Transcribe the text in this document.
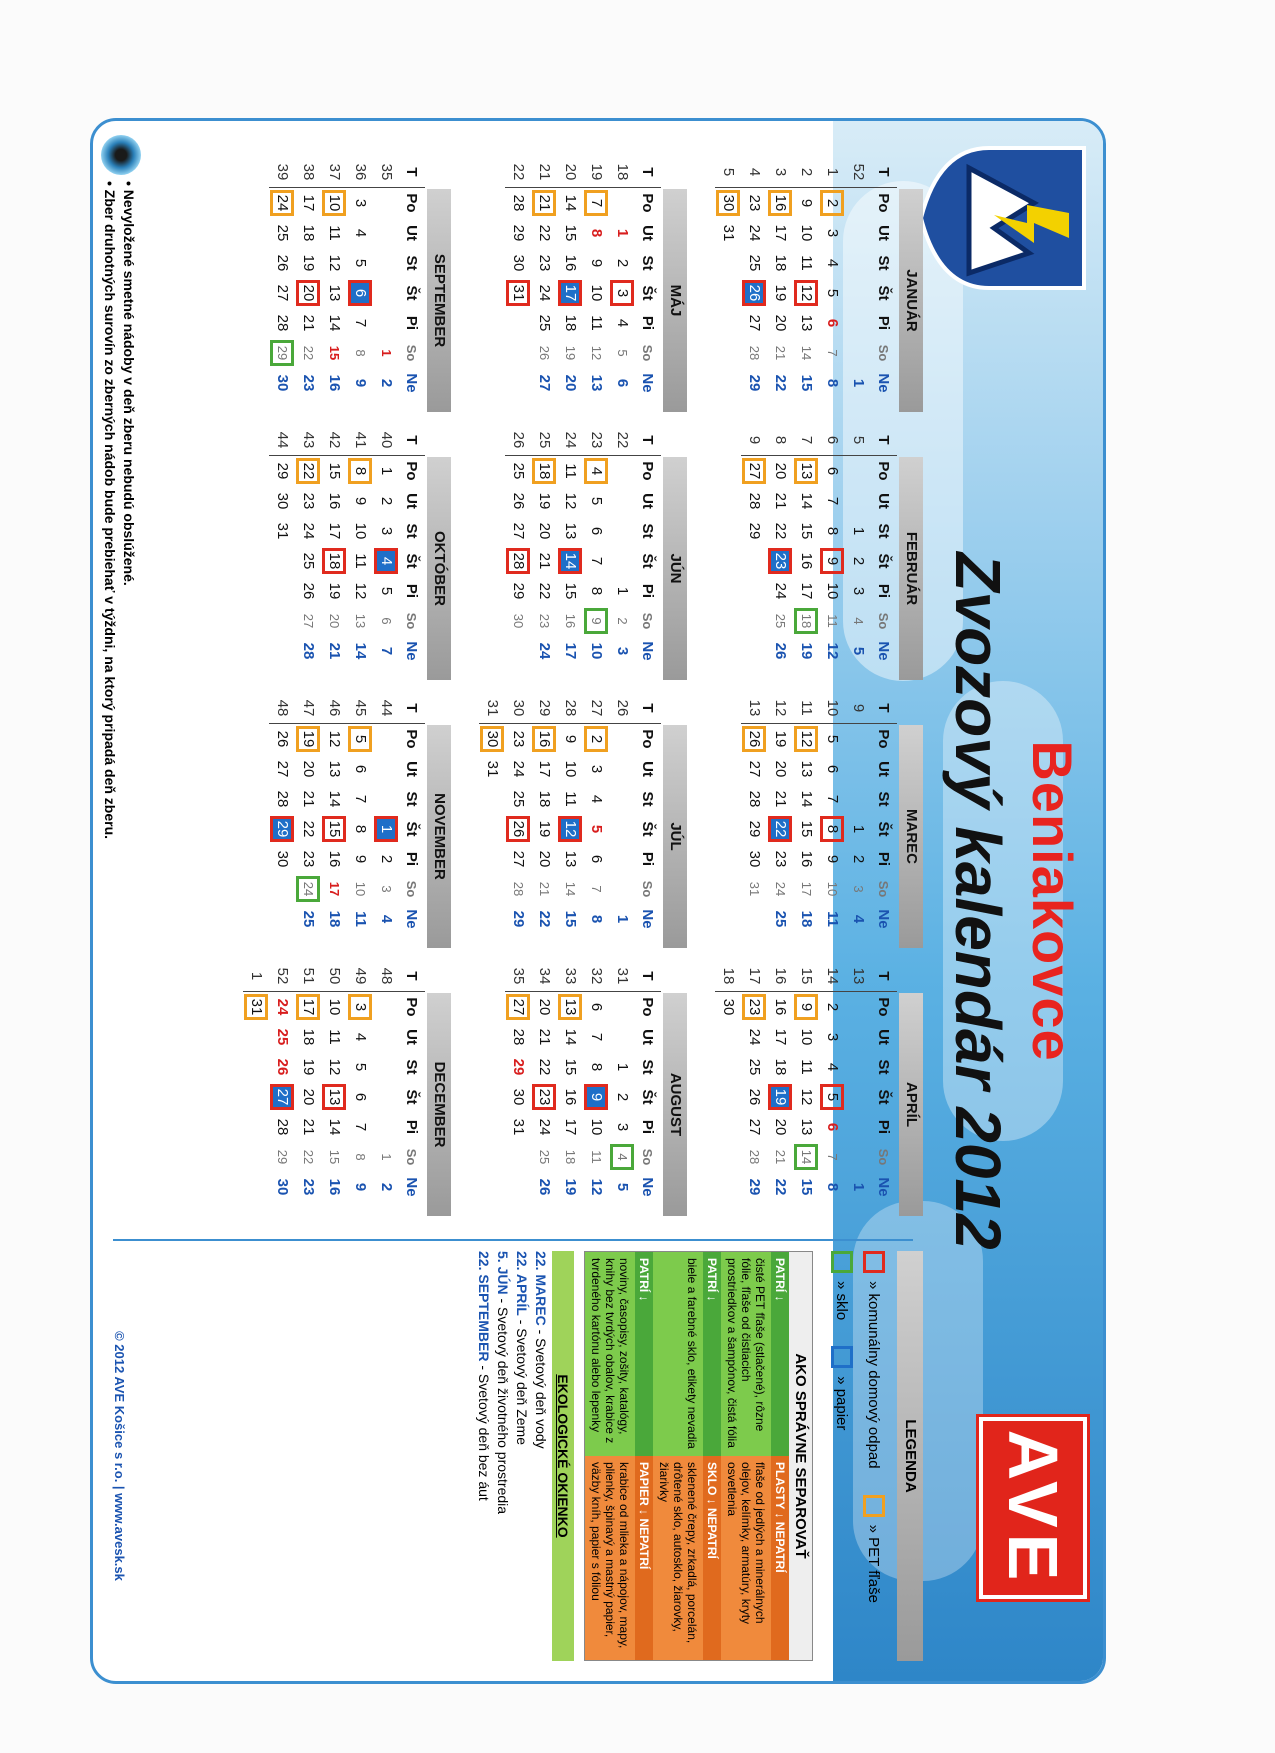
Beniakovce
Zvozový kalendár 2012
AVE
JANUÁR
T	Po	Ut	St	Št	Pi	So	Ne
52							1
1	2	3	4	5	6	7	8
2	9	10	11	12	13	14	15
3	16	17	18	19	20	21	22
4	23	24	25	26	27	28	29
5	30	31					
FEBRUÁR
T	Po	Ut	St	Št	Pi	So	Ne
5			1	2	3	4	5
6	6	7	8	9	10	11	12
7	13	14	15	16	17	18	19
8	20	21	22	23	24	25	26
9	27	28	29				
MAREC
T	Po	Ut	St	Št	Pi	So	Ne
9				1	2	3	4
10	5	6	7	8	9	10	11
11	12	13	14	15	16	17	18
12	19	20	21	22	23	24	25
13	26	27	28	29	30	31	
APRÍL
T	Po	Ut	St	Št	Pi	So	Ne
13							1
14	2	3	4	5	6	7	8
15	9	10	11	12	13	14	15
16	16	17	18	19	20	21	22
17	23	24	25	26	27	28	29
18	30						
MÁJ
T	Po	Ut	St	Št	Pi	So	Ne
18		1	2	3	4	5	6
19	7	8	9	10	11	12	13
20	14	15	16	17	18	19	20
21	21	22	23	24	25	26	27
22	28	29	30	31			
JÚN
T	Po	Ut	St	Št	Pi	So	Ne
22					1	2	3
23	4	5	6	7	8	9	10
24	11	12	13	14	15	16	17
25	18	19	20	21	22	23	24
26	25	26	27	28	29	30	
JÚL
T	Po	Ut	St	Št	Pi	So	Ne
26							1
27	2	3	4	5	6	7	8
28	9	10	11	12	13	14	15
29	16	17	18	19	20	21	22
30	23	24	25	26	27	28	29
31	30	31					
AUGUST
T	Po	Ut	St	Št	Pi	So	Ne
31			1	2	3	4	5
32	6	7	8	9	10	11	12
33	13	14	15	16	17	18	19
34	20	21	22	23	24	25	26
35	27	28	29	30	31		
SEPTEMBER
T	Po	Ut	St	Št	Pi	So	Ne
35						1	2
36	3	4	5	6	7	8	9
37	10	11	12	13	14	15	16
38	17	18	19	20	21	22	23
39	24	25	26	27	28	29	30
OKTÓBER
T	Po	Ut	St	Št	Pi	So	Ne
40	1	2	3	4	5	6	7
41	8	9	10	11	12	13	14
42	15	16	17	18	19	20	21
43	22	23	24	25	26	27	28
44	29	30	31				
NOVEMBER
T	Po	Ut	St	Št	Pi	So	Ne
44				1	2	3	4
45	5	6	7	8	9	10	11
46	12	13	14	15	16	17	18
47	19	20	21	22	23	24	25
48	26	27	28	29	30		
DECEMBER
T	Po	Ut	St	Št	Pi	So	Ne
48						1	2
49	3	4	5	6	7	8	9
50	10	11	12	13	14	15	16
51	17	18	19	20	21	22	23
52	24	25	26	27	28	29	30
1	31						
LEGENDA
» komunálny domový odpad
» PET fľaše
» sklo
» papier
AKO SPRÁVNE SEPAROVAŤ
PATRÍ ↓
PLASTY ↓ NEPATRÍ
čisté PET fľaše (stlačené), rôzne fólie, fľaše od čistiacich prostriedkov a šampónov, čistá fólia
fľaše od jedlých a minerálnych olejov, kelímky, armatúry, kryty osvetlenia
PATRÍ ↓
SKLO ↓ NEPATRÍ
biele a farebné sklo, etikety nevadia
sklenené črepy, zrkadlá, porcelán, drôtené sklo, autosklo, žiarovky, žiarivky
PATRÍ ↓
PAPIER ↓ NEPATRÍ
noviny, časopisy, zošity, katalógy, knihy bez tvrdých obalov, krabice z tvrdeného kartónu alebo lepenky
krabice od mlieka a nápojov, mapy, plienky, špinavý a mastný papier, väzby kníh, papier s fóliou
EKOLOGICKÉ OKIENKO
22. MAREC - Svetový deň vody
22. APRÍL - Svetový deň Zeme
5. JÚN - Svetový deň životného prostredia
22. SEPTEMBER - Svetový deň bez áut
• Nevyložené smetné nádoby v deň zberu nebudú obslúžené.
• Zber druhotných surovín zo zberných nádob bude prebiehať v týždni, na ktorý pripadá deň zberu.
© 2012 AVE Košice s r.o. | www.avesk.sk
